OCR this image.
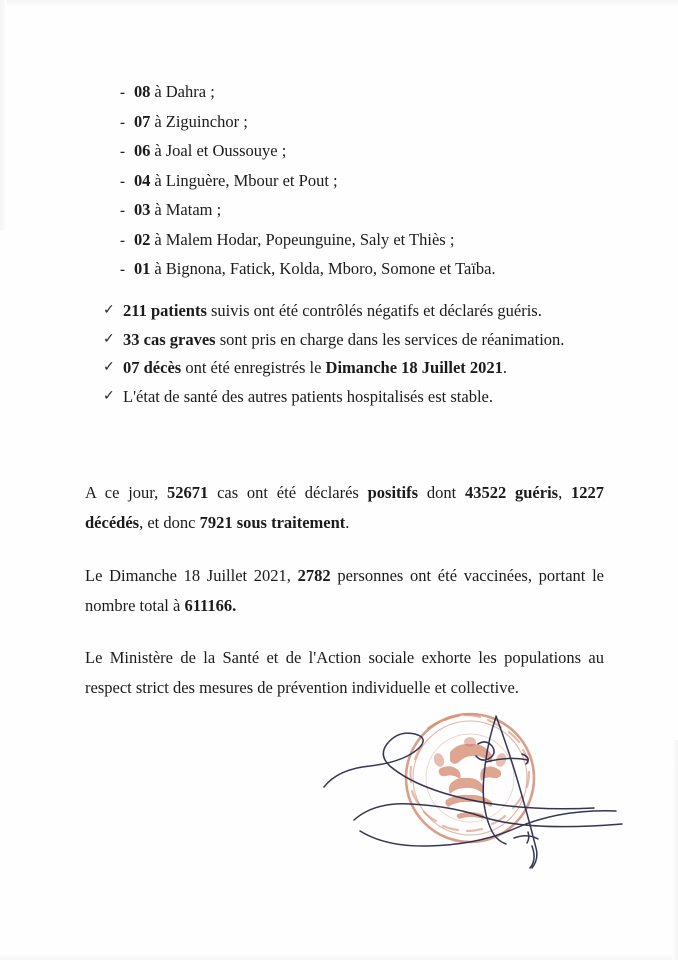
- 08 à Dahra ;
- 07 à Ziguinchor ;
- 06 à Joal et Oussouye ;
- 04 à Linguère, Mbour et Pout ;
- 03 à Matam ;
- 02 à Malem Hodar, Popeunguine, Saly et Thiès ;
- 01 à Bignona, Fatick, Kolda, Mboro, Somone et Taïba.
✓ 211 patients suivis ont été contrôlés négatifs et déclarés guéris.
✓ 33 cas graves sont pris en charge dans les services de réanimation.
✓ 07 décès ont été enregistrés le Dimanche 18 Juillet 2021.
✓ L'état de santé des autres patients hospitalisés est stable.

A ce jour, 52671 cas ont été déclarés positifs dont 43522 guéris, 1227 décédés, et donc 7921 sous traitement.

Le Dimanche 18 Juillet 2021, 2782 personnes ont été vaccinées, portant le nombre total à 611166.

Le Ministère de la Santé et de l'Action sociale exhorte les populations au respect strict des mesures de prévention individuelle et collective.
